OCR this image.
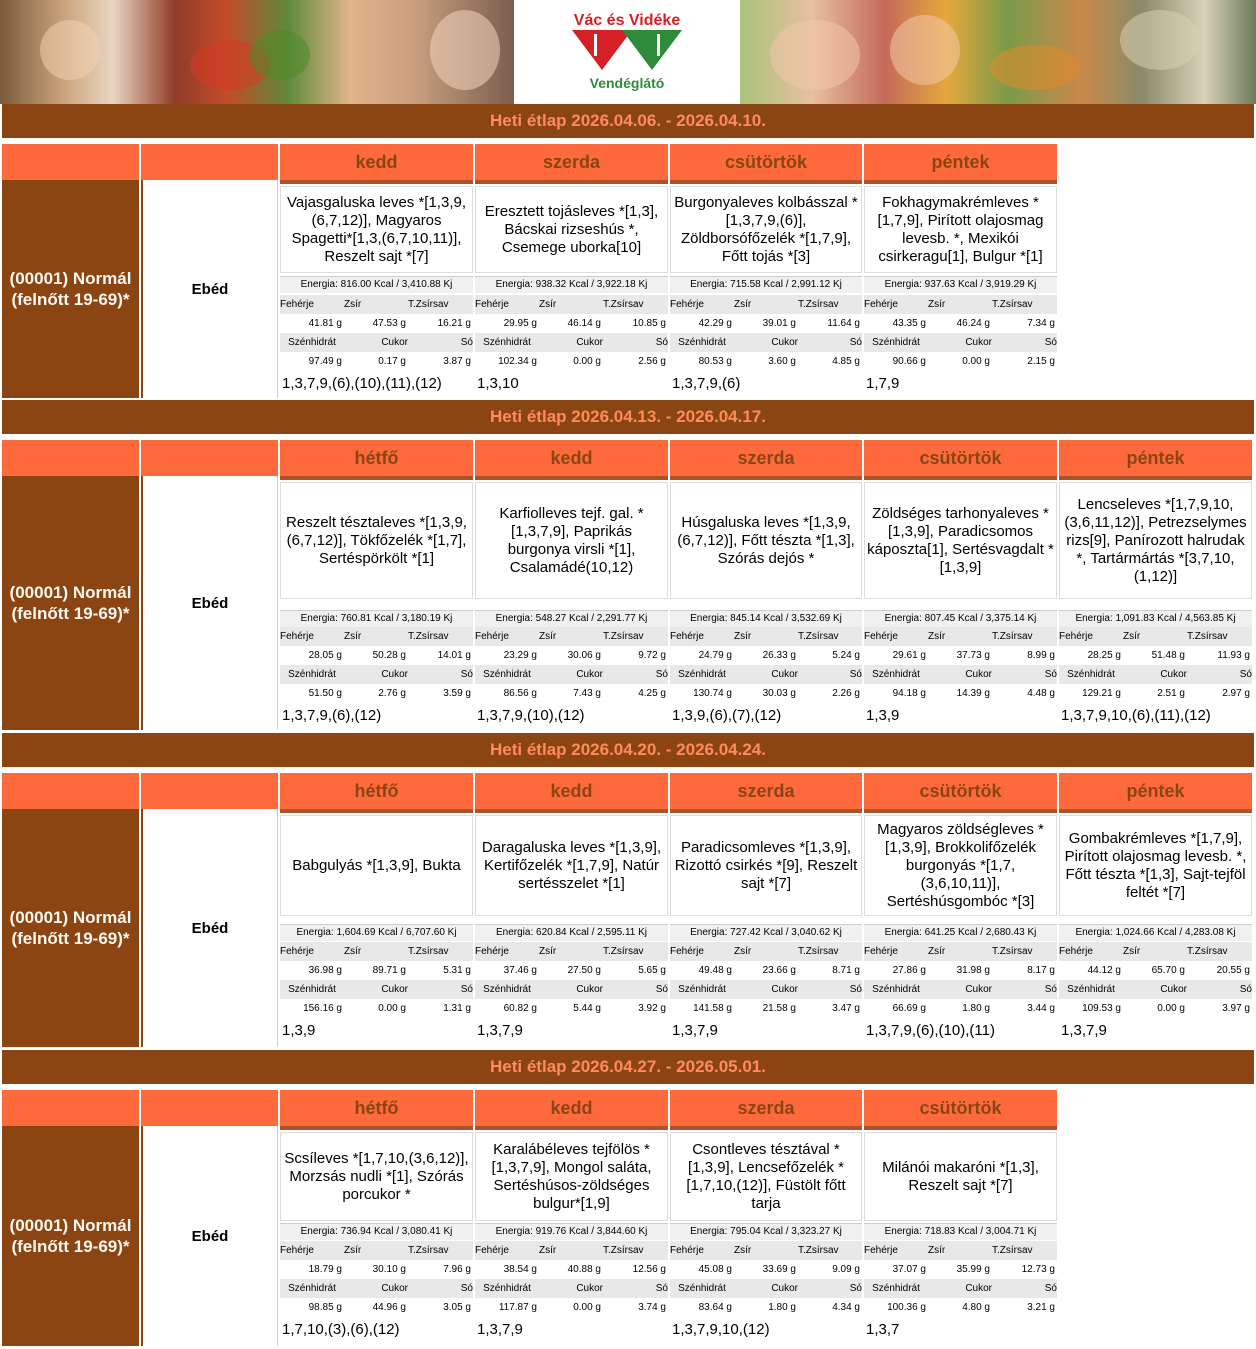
Vác és Vidéke
Vendéglátó
Heti étlap 2026.04.06. - 2026.04.10.
kedd	szerda	csütörtök	péntek
(00001) Normál (felnőtt 19-69)*
Ebéd
Vajasgaluska leves *[1,3,9,(6,7,12)], Magyaros Spagetti*[1,3,(6,7,10,11)], Reszelt sajt *[7]
Energia: 816.00 Kcal / 3,410.88 Kj
Fehérje	Zsír	T.Zsírsav
41.81 g	47.53 g	16.21 g
Szénhidrát	Cukor	Só
97.49 g	0.17 g	3.87 g
1,3,7,9,(6),(10),(11),(12)
Eresztett tojásleves *[1,3], Bácskai rizseshús *, Csemege uborka[10]
Energia: 938.32 Kcal / 3,922.18 Kj
Fehérje	Zsír	T.Zsírsav
29.95 g	46.14 g	10.85 g
Szénhidrát	Cukor	Só
102.34 g	0.00 g	2.56 g
1,3,10
Burgonyaleves kolbásszal *[1,3,7,9,(6)], Zöldborsófőzelék *[1,7,9], Főtt tojás *[3]
Energia: 715.58 Kcal / 2,991.12 Kj
Fehérje	Zsír	T.Zsírsav
42.29 g	39.01 g	11.64 g
Szénhidrát	Cukor	Só
80.53 g	3.60 g	4.85 g
1,3,7,9,(6)
Fokhagymakrémleves *[1,7,9], Pirított olajosmag levesb. *, Mexikói csirkeragu[1], Bulgur *[1]
Energia: 937.63 Kcal / 3,919.29 Kj
Fehérje	Zsír	T.Zsírsav
43.35 g	46.24 g	7.34 g
Szénhidrát	Cukor	Só
90.66 g	0.00 g	2.15 g
1,7,9
Heti étlap 2026.04.13. - 2026.04.17.
hétfő	kedd	szerda	csütörtök	péntek
(00001) Normál (felnőtt 19-69)*
Ebéd
Reszelt tésztaleves *[1,3,9,(6,7,12)], Tökfőzelék *[1,7], Sertéspörkölt *[1]
Energia: 760.81 Kcal / 3,180.19 Kj
Fehérje	Zsír	T.Zsírsav
28.05 g	50.28 g	14.01 g
Szénhidrát	Cukor	Só
51.50 g	2.76 g	3.59 g
1,3,7,9,(6),(12)
Karfiolleves tejf. gal. *[1,3,7,9], Paprikás burgonya virsli *[1], Csalamádé(10,12)
Energia: 548.27 Kcal / 2,291.77 Kj
Fehérje	Zsír	T.Zsírsav
23.29 g	30.06 g	9.72 g
Szénhidrát	Cukor	Só
86.56 g	7.43 g	4.25 g
1,3,7,9,(10),(12)
Húsgaluska leves *[1,3,9,(6,7,12)], Főtt tészta *[1,3], Szórás dejós *
Energia: 845.14 Kcal / 3,532.69 Kj
Fehérje	Zsír	T.Zsírsav
24.79 g	26.33 g	5.24 g
Szénhidrát	Cukor	Só
130.74 g	30.03 g	2.26 g
1,3,9,(6),(7),(12)
Zöldséges tarhonyaleves *[1,3,9], Paradicsomos káposzta[1], Sertésvagdalt *[1,3,9]
Energia: 807.45 Kcal / 3,375.14 Kj
Fehérje	Zsír	T.Zsírsav
29.61 g	37.73 g	8.99 g
Szénhidrát	Cukor	Só
94.18 g	14.39 g	4.48 g
1,3,9
Lencseleves *[1,7,9,10,(3,6,11,12)], Petrezselymes rizs[9], Panírozott halrudak *, Tartármártás *[3,7,10,(1,12)]
Energia: 1,091.83 Kcal / 4,563.85 Kj
Fehérje	Zsír	T.Zsírsav
28.25 g	51.48 g	11.93 g
Szénhidrát	Cukor	Só
129.21 g	2.51 g	2.97 g
1,3,7,9,10,(6),(11),(12)
Heti étlap 2026.04.20. - 2026.04.24.
hétfő	kedd	szerda	csütörtök	péntek
(00001) Normál (felnőtt 19-69)*
Ebéd
Babgulyás *[1,3,9], Bukta
Energia: 1,604.69 Kcal / 6,707.60 Kj
Fehérje	Zsír	T.Zsírsav
36.98 g	89.71 g	5.31 g
Szénhidrát	Cukor	Só
156.16 g	0.00 g	1.31 g
1,3,9
Daragaluska leves *[1,3,9], Kertifőzelék *[1,7,9], Natúr sertésszelet *[1]
Energia: 620.84 Kcal / 2,595.11 Kj
Fehérje	Zsír	T.Zsírsav
37.46 g	27.50 g	5.65 g
Szénhidrát	Cukor	Só
60.82 g	5.44 g	3.92 g
1,3,7,9
Paradicsomleves *[1,3,9], Rizottó csirkés *[9], Reszelt sajt *[7]
Energia: 727.42 Kcal / 3,040.62 Kj
Fehérje	Zsír	T.Zsírsav
49.48 g	23.66 g	8.71 g
Szénhidrát	Cukor	Só
141.58 g	21.58 g	3.47 g
1,3,7,9
Magyaros zöldségleves *[1,3,9], Brokkolifőzelék burgonyás *[1,7,(3,6,10,11)], Sertéshúsgombóc *[3]
Energia: 641.25 Kcal / 2,680.43 Kj
Fehérje	Zsír	T.Zsírsav
27.86 g	31.98 g	8.17 g
Szénhidrát	Cukor	Só
66.69 g	1.80 g	3.44 g
1,3,7,9,(6),(10),(11)
Gombakrémleves *[1,7,9], Pirított olajosmag levesb. *, Főtt tészta *[1,3], Sajt-tejföl feltét *[7]
Energia: 1,024.66 Kcal / 4,283.08 Kj
Fehérje	Zsír	T.Zsírsav
44.12 g	65.70 g	20.55 g
Szénhidrát	Cukor	Só
109.53 g	0.00 g	3.97 g
1,3,7,9
Heti étlap 2026.04.27. - 2026.05.01.
hétfő	kedd	szerda	csütörtök
(00001) Normál (felnőtt 19-69)*
Ebéd
Scsíleves *[1,7,10,(3,6,12)], Morzsás nudli *[1], Szórás porcukor *
Energia: 736.94 Kcal / 3,080.41 Kj
Fehérje	Zsír	T.Zsírsav
18.79 g	30.10 g	7.96 g
Szénhidrát	Cukor	Só
98.85 g	44.96 g	3.05 g
1,7,10,(3),(6),(12)
Karalábéleves tejfölös *[1,3,7,9], Mongol saláta, Sertéshúsos-zöldséges bulgur*[1,9]
Energia: 919.76 Kcal / 3,844.60 Kj
Fehérje	Zsír	T.Zsírsav
38.54 g	40.88 g	12.56 g
Szénhidrát	Cukor	Só
117.87 g	0.00 g	3.74 g
1,3,7,9
Csontleves tésztával *[1,3,9], Lencsefőzelék *[1,7,10,(12)], Füstölt főtt tarja
Energia: 795.04 Kcal / 3,323.27 Kj
Fehérje	Zsír	T.Zsírsav
45.08 g	33.69 g	9.09 g
Szénhidrát	Cukor	Só
83.64 g	1.80 g	4.34 g
1,3,7,9,10,(12)
Milánói makaróni *[1,3], Reszelt sajt *[7]
Energia: 718.83 Kcal / 3,004.71 Kj
Fehérje	Zsír	T.Zsírsav
37.07 g	35.99 g	12.73 g
Szénhidrát	Cukor	Só
100.36 g	4.80 g	3.21 g
1,3,7
